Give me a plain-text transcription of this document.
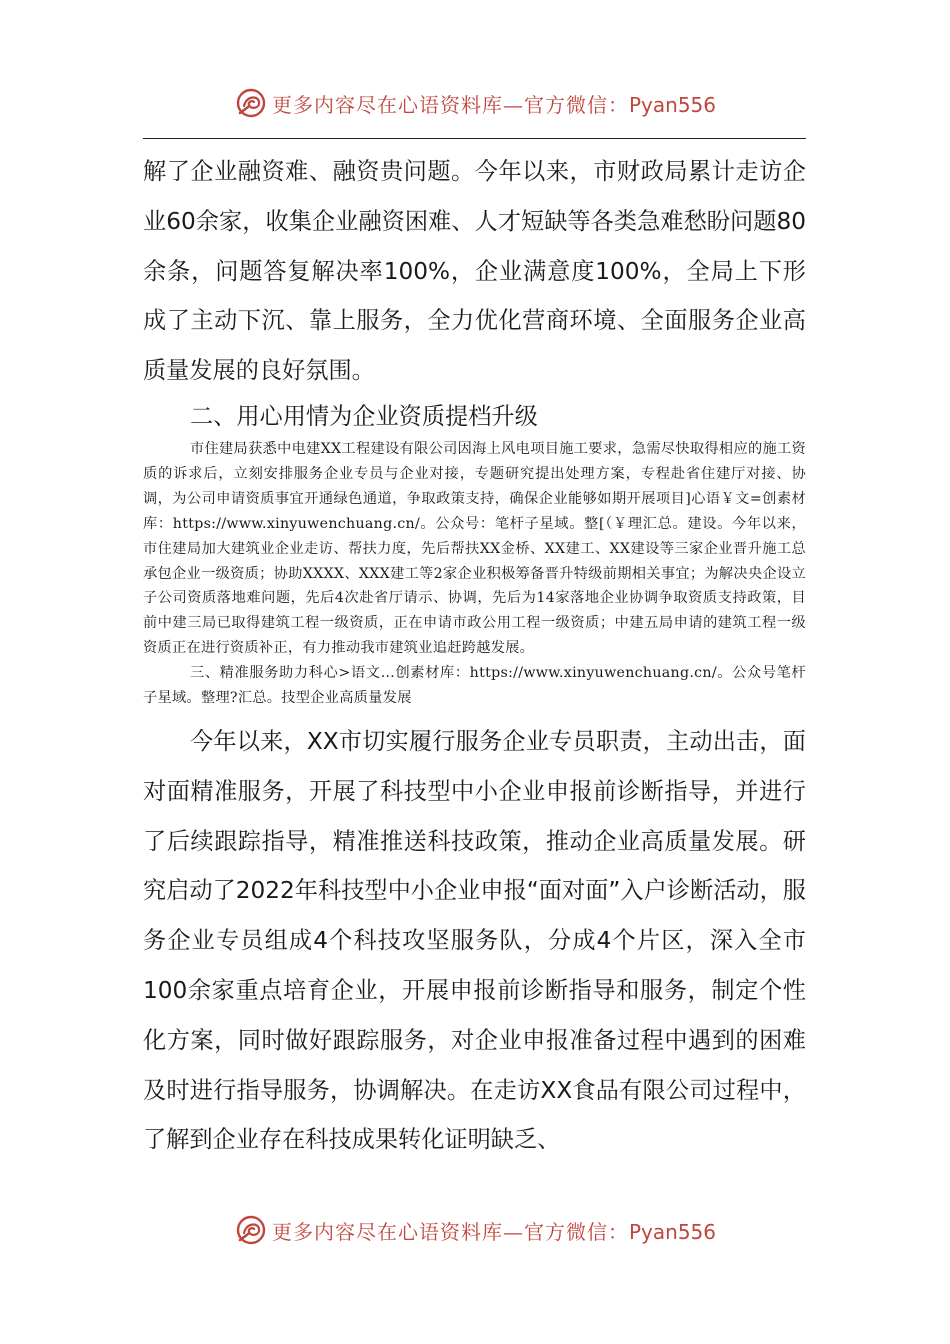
更多内容尽在心语资料库—官方微信：Pyan556

解了企业融资难、融资贵问题。今年以来，市财政局累计走访企业60余家，收集企业融资困难、人才短缺等各类急难愁盼问题80余条，问题答复解决率100%，企业满意度100%，全局上下形成了主动下沉、靠上服务，全力优化营商环境、全面服务企业高质量发展的良好氛围。

二、用心用情为企业资质提档升级

市住建局获悉中电建XX工程建设有限公司因海上风电项目施工要求，急需尽快取得相应的施工资质的诉求后，立刻安排服务企业专员与企业对接，专题研究提出处理方案，专程赴省住建厅对接、协调，为公司申请资质事宜开通绿色通道，争取政策支持，确保企业能够如期开展项目]心语￥文=创素材库：https://www.xinyuwenchuang.cn/。公众号：笔杆子星域。整[（￥理汇总。建设。今年以来，市住建局加大建筑业企业走访、帮扶力度，先后帮扶XX金桥、XX建工、XX建设等三家企业晋升施工总承包企业一级资质；协助XXXX、XXX建工等2家企业积极筹备晋升特级前期相关事宜；为解决央企设立子公司资质落地难问题，先后4次赴省厅请示、协调，先后为14家落地企业协调争取资质支持政策，目前中建三局已取得建筑工程一级资质，正在申请市政公用工程一级资质；中建五局申请的建筑工程一级资质正在进行资质补正，有力推动我市建筑业追赶跨越发展。

三、精准服务助力科心>语文…创素材库：https://www.xinyuwenchuang.cn/。公众号笔杆子星域。整理?汇总。技型企业高质量发展

今年以来，XX市切实履行服务企业专员职责，主动出击，面对面精准服务，开展了科技型中小企业申报前诊断指导，并进行了后续跟踪指导，精准推送科技政策，推动企业高质量发展。研究启动了2022年科技型中小企业申报“面对面”入户诊断活动，服务企业专员组成4个科技攻坚服务队，分成4个片区，深入全市100余家重点培育企业，开展申报前诊断指导和服务，制定个性化方案，同时做好跟踪服务，对企业申报准备过程中遇到的困难及时进行指导服务，协调解决。在走访XX食品有限公司过程中，了解到企业存在科技成果转化证明缺乏、

更多内容尽在心语资料库—官方微信：Pyan556
